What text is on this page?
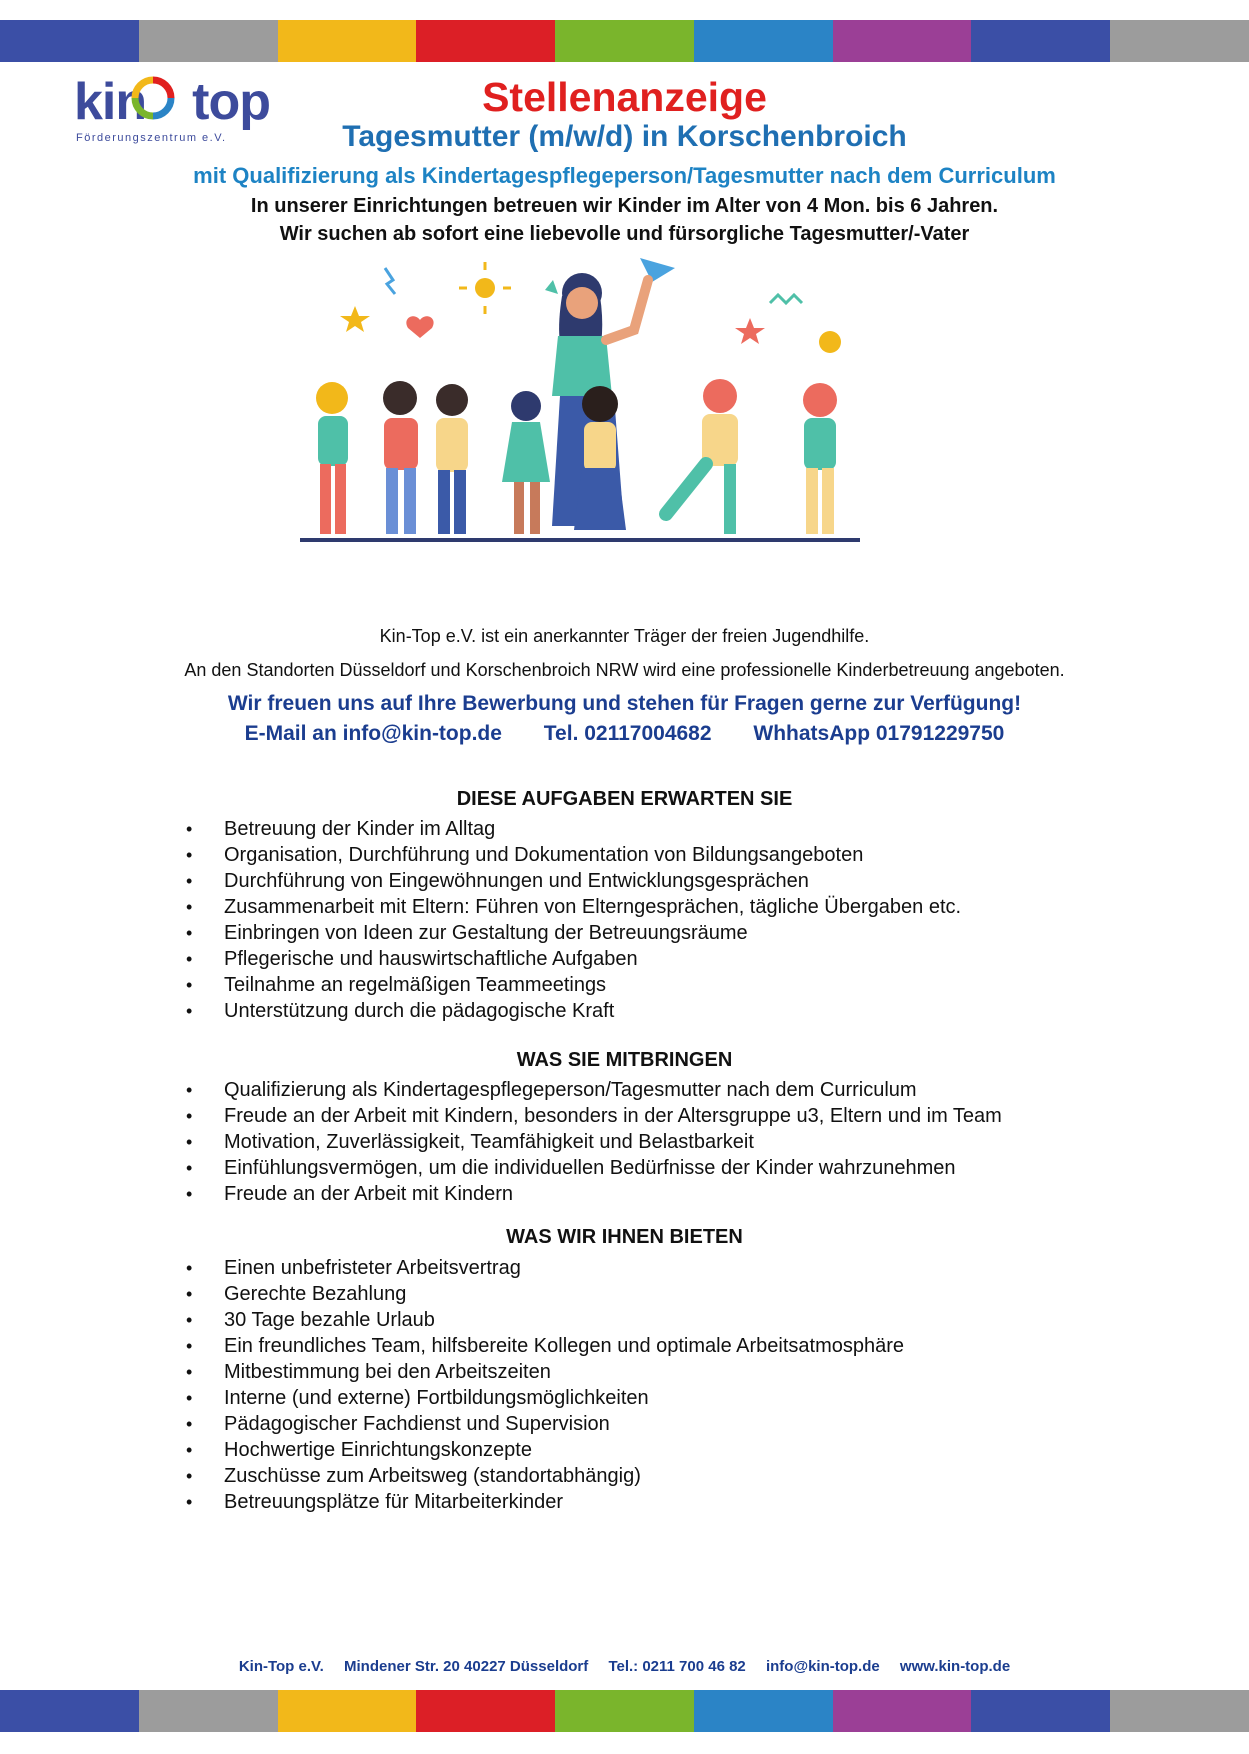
kin top
Förderungszentrum e.V.
Stellenanzeige
Tagesmutter (m/w/d) in Korschenbroich
mit Qualifizierung als Kindertagespflegeperson/Tagesmutter nach dem Curriculum
In unserer Einrichtungen betreuen wir Kinder im Alter von 4 Mon. bis 6 Jahren.
Wir suchen ab sofort eine liebevolle und fürsorgliche Tagesmutter/-Vater
Kin-Top e.V. ist ein anerkannter Träger der freien Jugendhilfe.
An den Standorten Düsseldorf und Korschenbroich NRW wird eine professionelle Kinderbetreuung angeboten.
Wir freuen uns auf Ihre Bewerbung und stehen für Fragen gerne zur Verfügung!
E-Mail an info@kin-top.de Tel. 02117004682 WhhatsApp 01791229750
DIESE AUFGABEN ERWARTEN SIE
• Betreuung der Kinder im Alltag
• Organisation, Durchführung und Dokumentation von Bildungsangeboten
• Durchführung von Eingewöhnungen und Entwicklungsgesprächen
• Zusammenarbeit mit Eltern: Führen von Elterngesprächen, tägliche Übergaben etc.
• Einbringen von Ideen zur Gestaltung der Betreuungsräume
• Pflegerische und hauswirtschaftliche Aufgaben
• Teilnahme an regelmäßigen Teammeetings
• Unterstützung durch die pädagogische Kraft
WAS SIE MITBRINGEN
• Qualifizierung als Kindertagespflegeperson/Tagesmutter nach dem Curriculum
• Freude an der Arbeit mit Kindern, besonders in der Altersgruppe u3, Eltern und im Team
• Motivation, Zuverlässigkeit, Teamfähigkeit und Belastbarkeit
• Einfühlungsvermögen, um die individuellen Bedürfnisse der Kinder wahrzunehmen
• Freude an der Arbeit mit Kindern
WAS WIR IHNEN BIETEN
• Einen unbefristeter Arbeitsvertrag
• Gerechte Bezahlung
• 30 Tage bezahle Urlaub
• Ein freundliches Team, hilfsbereite Kollegen und optimale Arbeitsatmosphäre
• Mitbestimmung bei den Arbeitszeiten
• Interne (und externe) Fortbildungsmöglichkeiten
• Pädagogischer Fachdienst und Supervision
• Hochwertige Einrichtungskonzepte
• Zuschüsse zum Arbeitsweg (standortabhängig)
• Betreuungsplätze für Mitarbeiterkinder
Kin-Top e.V. Mindener Str. 20 40227 Düsseldorf Tel.: 0211 700 46 82 info@kin-top.de www.kin-top.de
